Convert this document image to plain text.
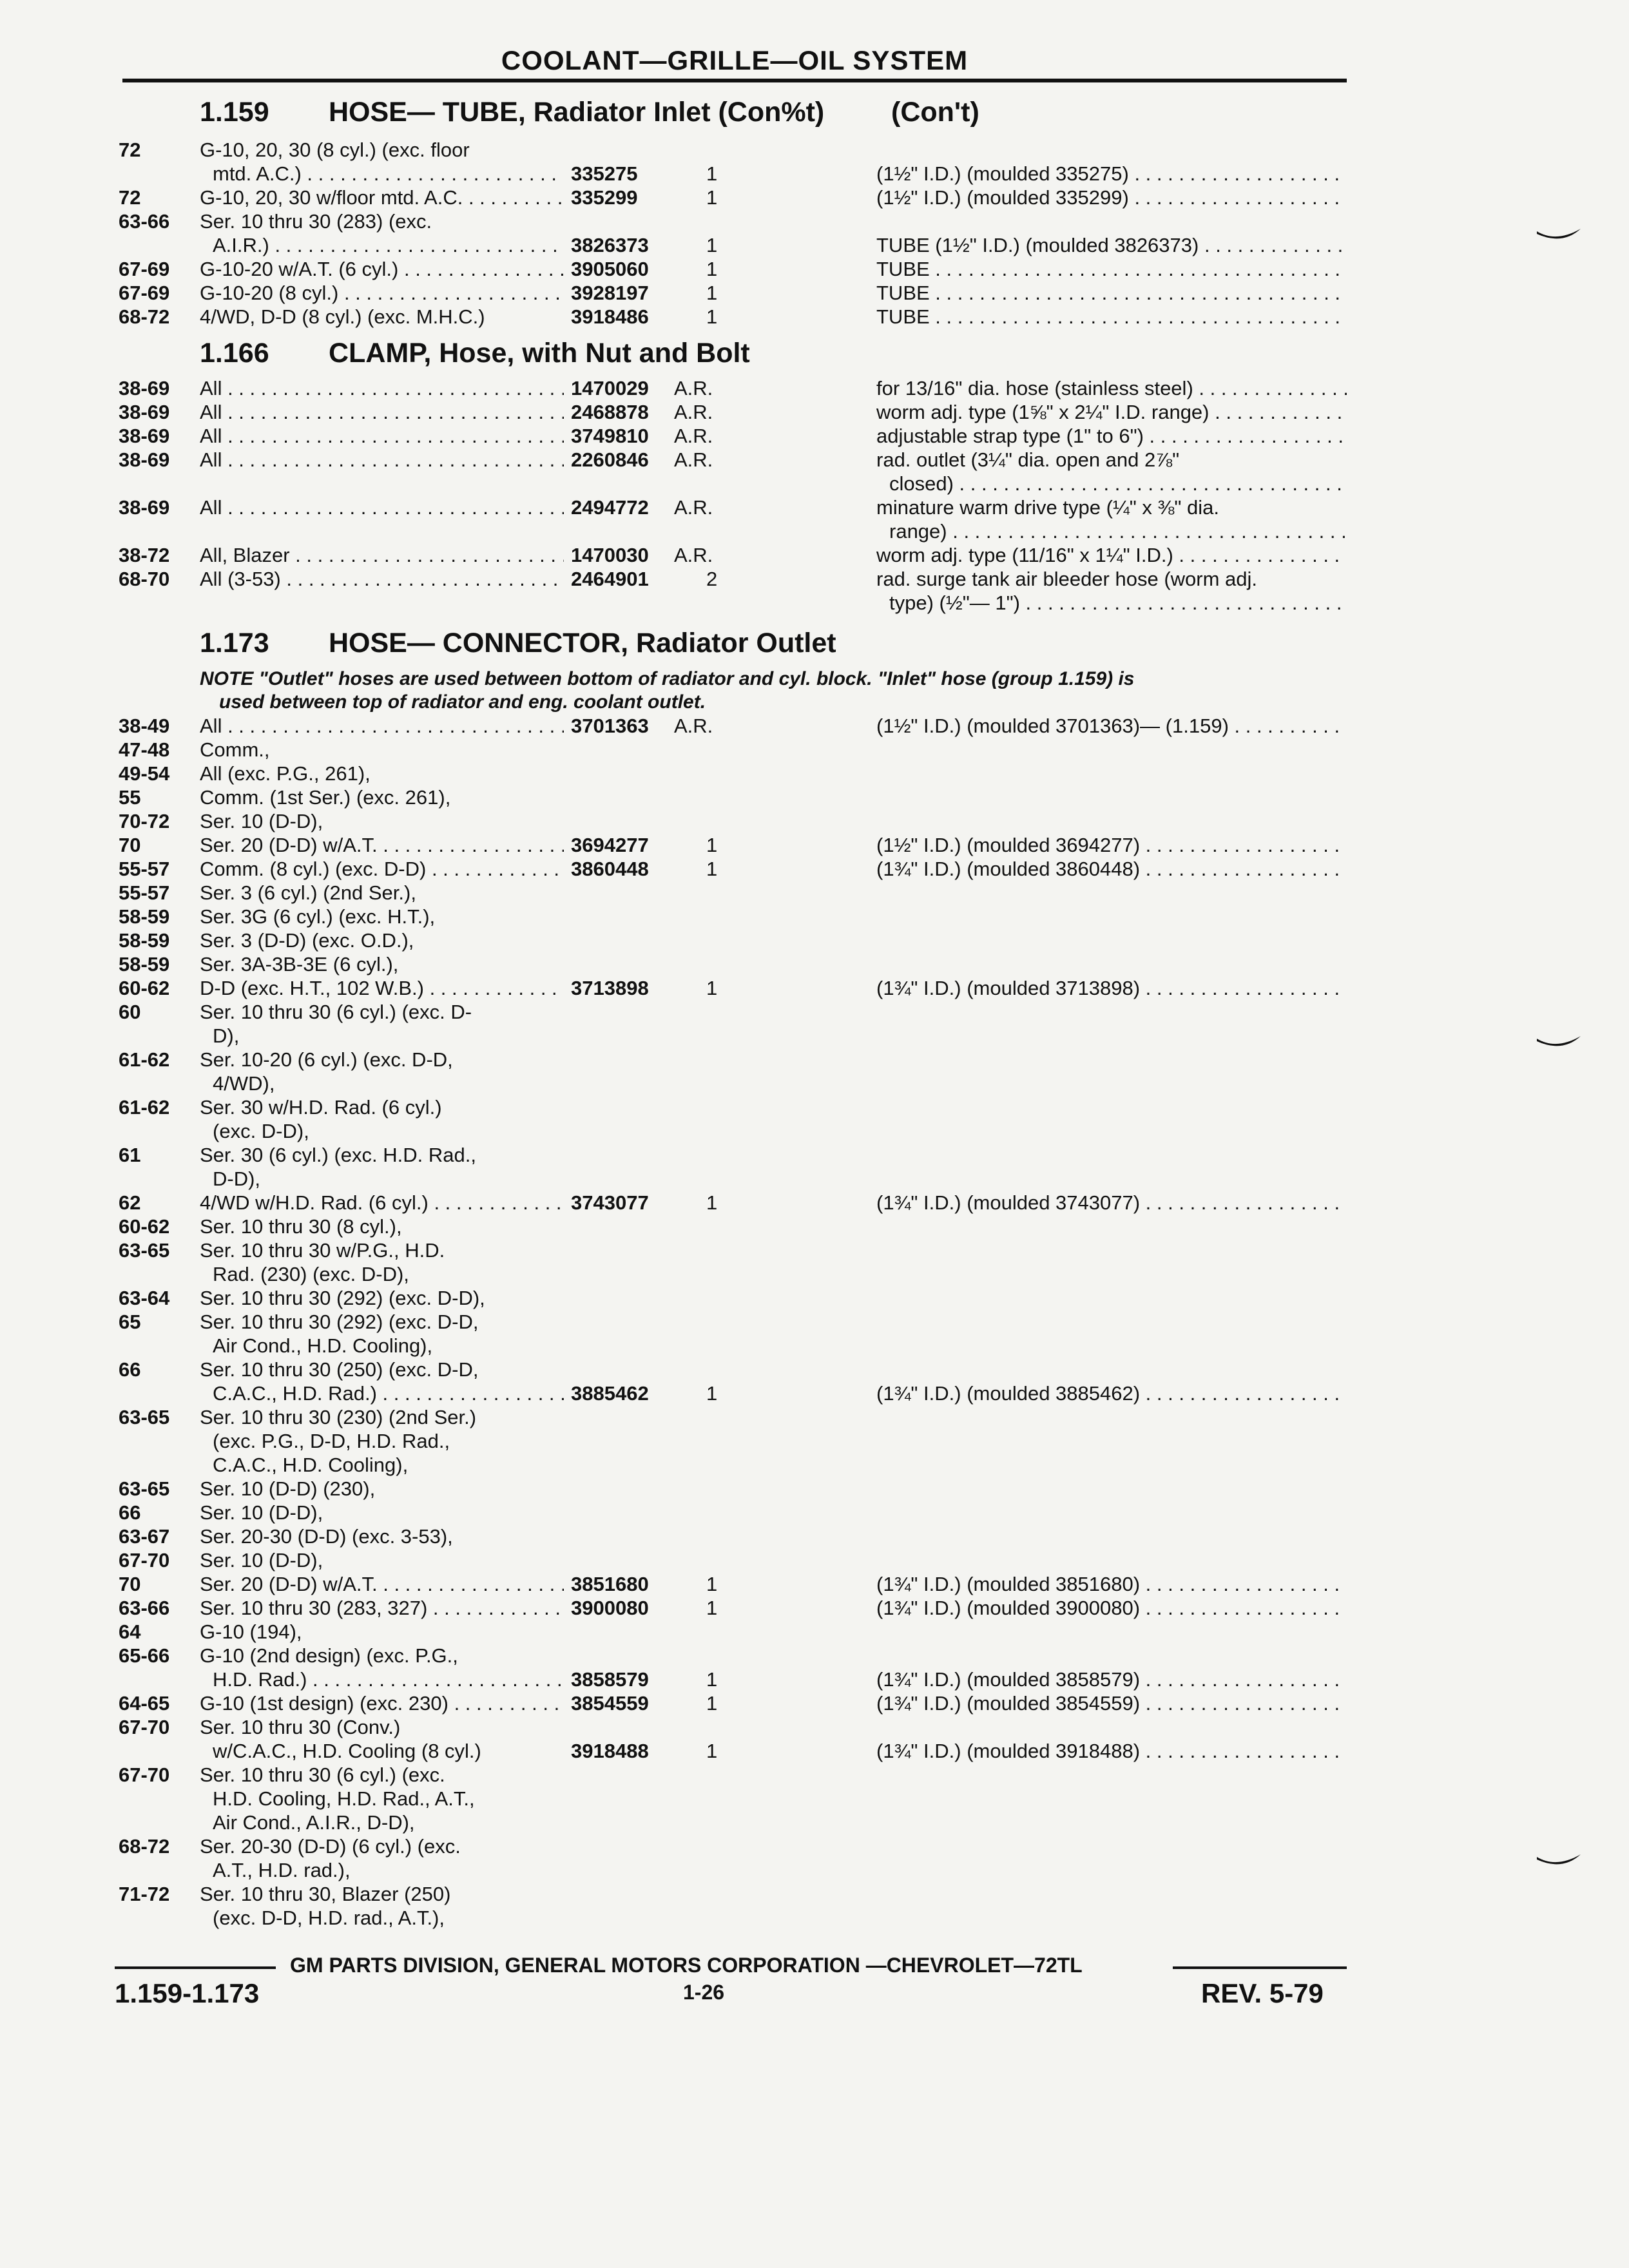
COOLANT—GRILLE—OIL SYSTEM
1.159 HOSE— TUBE, Radiator Inlet (Con%t) (Con't)
72	G-10, 20, 30 (8 cyl.) (exc. floor
mtd. A.C.) . . .	335275	1	(1½" I.D.) (moulded 335275) . . .
72	G-10, 20, 30 w/floor mtd. A.C. . . .	335299	1	(1½" I.D.) (moulded 335299) . . .
63-66	Ser. 10 thru 30 (283) (exc.
A.I.R.) . . .	3826373	1	TUBE (1½" I.D.) (moulded 3826373) . . .
67-69	G-10-20 w/A.T. (6 cyl.) . . .	3905060	1	TUBE . . .
67-69	G-10-20 (8 cyl.) . . .	3928197	1	TUBE . . .
68-72	4/WD, D-D (8 cyl.) (exc. M.H.C.)	3918486	1	TUBE . . .
1.166 CLAMP, Hose, with Nut and Bolt
38-69	All . . .	1470029	A.R.	for 13/16" dia. hose (stainless steel) . . .
38-69	All . . .	2468878	A.R.	worm adj. type (1⅝" x 2¼" I.D. range) . . .
38-69	All . . .	3749810	A.R.	adjustable strap type (1" to 6") . . .
38-69	All . . .	2260846	A.R.	rad. outlet (3¼" dia. open and 2⅞"
closed) . . .
38-69	All . . .	2494772	A.R.	minature warm drive type (¼" x ⅜" dia.
range) . . .
38-72	All, Blazer . . .	1470030	A.R.	worm adj. type (11/16" x 1¼" I.D.) . . .
68-70	All (3-53) . . .	2464901	2	rad. surge tank air bleeder hose (worm adj.
type) (½"— 1") . . .
1.173 HOSE— CONNECTOR, Radiator Outlet
NOTE "Outlet" hoses are used between bottom of radiator and cyl. block. "Inlet" hose (group 1.159) is
used between top of radiator and eng. coolant outlet.
38-49	All . . .	3701363	A.R.	(1½" I.D.) (moulded 3701363)— (1.159) . . .
47-48	Comm.,
49-54	All (exc. P.G., 261),
55	Comm. (1st Ser.) (exc. 261),
70-72	Ser. 10 (D-D),
70	Ser. 20 (D-D) w/A.T. . . .	3694277	1	(1½" I.D.) (moulded 3694277) . . .
55-57	Comm. (8 cyl.) (exc. D-D) . . .	3860448	1	(1¾" I.D.) (moulded 3860448) . . .
55-57	Ser. 3 (6 cyl.) (2nd Ser.),
58-59	Ser. 3G (6 cyl.) (exc. H.T.),
58-59	Ser. 3 (D-D) (exc. O.D.),
58-59	Ser. 3A-3B-3E (6 cyl.),
60-62	D-D (exc. H.T., 102 W.B.) . . .	3713898	1	(1¾" I.D.) (moulded 3713898) . . .
60	Ser. 10 thru 30 (6 cyl.) (exc. D-
D),
61-62	Ser. 10-20 (6 cyl.) (exc. D-D,
4/WD),
61-62	Ser. 30 w/H.D. Rad. (6 cyl.)
(exc. D-D),
61	Ser. 30 (6 cyl.) (exc. H.D. Rad.,
D-D),
62	4/WD w/H.D. Rad. (6 cyl.) . . .	3743077	1	(1¾" I.D.) (moulded 3743077) . . .
60-62	Ser. 10 thru 30 (8 cyl.),
63-65	Ser. 10 thru 30 w/P.G., H.D.
Rad. (230) (exc. D-D),
63-64	Ser. 10 thru 30 (292) (exc. D-D),
65	Ser. 10 thru 30 (292) (exc. D-D,
Air Cond., H.D. Cooling),
66	Ser. 10 thru 30 (250) (exc. D-D,
C.A.C., H.D. Rad.) . . .	3885462	1	(1¾" I.D.) (moulded 3885462) . . .
63-65	Ser. 10 thru 30 (230) (2nd Ser.)
(exc. P.G., D-D, H.D. Rad.,
C.A.C., H.D. Cooling),
63-65	Ser. 10 (D-D) (230),
66	Ser. 10 (D-D),
63-67	Ser. 20-30 (D-D) (exc. 3-53),
67-70	Ser. 10 (D-D),
70	Ser. 20 (D-D) w/A.T. . . .	3851680	1	(1¾" I.D.) (moulded 3851680) . . .
63-66	Ser. 10 thru 30 (283, 327) . . .	3900080	1	(1¾" I.D.) (moulded 3900080) . . .
64	G-10 (194),
65-66	G-10 (2nd design) (exc. P.G.,
H.D. Rad.) . . .	3858579	1	(1¾" I.D.) (moulded 3858579) . . .
64-65	G-10 (1st design) (exc. 230) . . .	3854559	1	(1¾" I.D.) (moulded 3854559) . . .
67-70	Ser. 10 thru 30 (Conv.)
w/C.A.C., H.D. Cooling (8 cyl.)	3918488	1	(1¾" I.D.) (moulded 3918488) . . .
67-70	Ser. 10 thru 30 (6 cyl.) (exc.
H.D. Cooling, H.D. Rad., A.T.,
Air Cond., A.I.R., D-D),
68-72	Ser. 20-30 (D-D) (6 cyl.) (exc.
A.T., H.D. rad.),
71-72	Ser. 10 thru 30, Blazer (250)
(exc. D-D, H.D. rad., A.T.),
GM PARTS DIVISION, GENERAL MOTORS CORPORATION —CHEVROLET—72TL
1.159-1.173	1-26	REV. 5-79
